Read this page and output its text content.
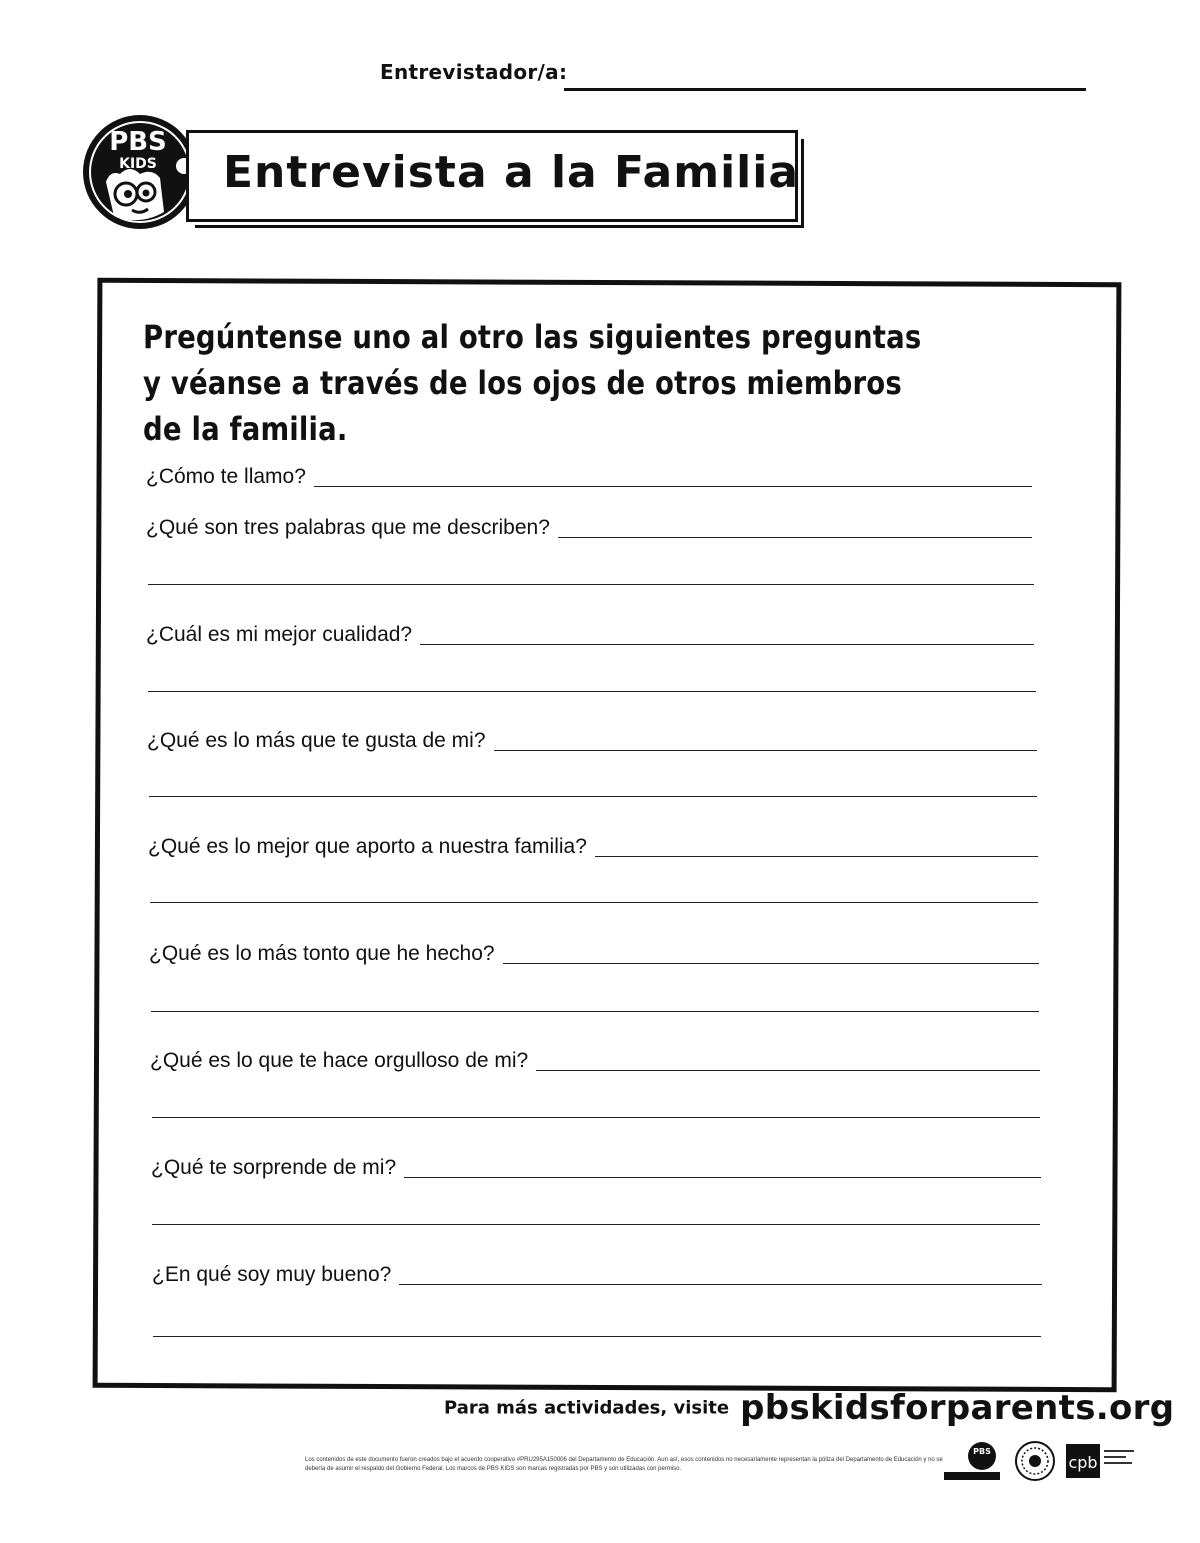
Entrevistador/a:
PBS
KIDS Entrevista a la Familia
Pregúntense uno al otro las siguientes preguntas y véanse a través de los ojos de otros miembros de la familia.
¿Cómo te llamo?
¿Qué son tres palabras que me describen?
¿Cuál es mi mejor cualidad?
¿Qué es lo más que te gusta de mi?
¿Qué es lo mejor que aporto a nuestra familia?
¿Qué es lo más tonto que he hecho?
¿Qué es lo que te hace orgulloso de mi?
¿Qué te sorprende de mi?
¿En qué soy muy bueno?
Para más actividades, visite pbskidsforparents.org
Los contenidos de este documento fueron creados bajo el acuerdo cooperativo #PRU295A150006 del Departamento de Educación. Aun así, esos contenidos no necesariamente representan la póliza del Departamento de Educación y no se debería de asumir el respaldo del Gobierno Federal. Los marcos de PBS KIDS son marcas registradas por PBS y son utilizadas con permiso.
PBS
cpb
